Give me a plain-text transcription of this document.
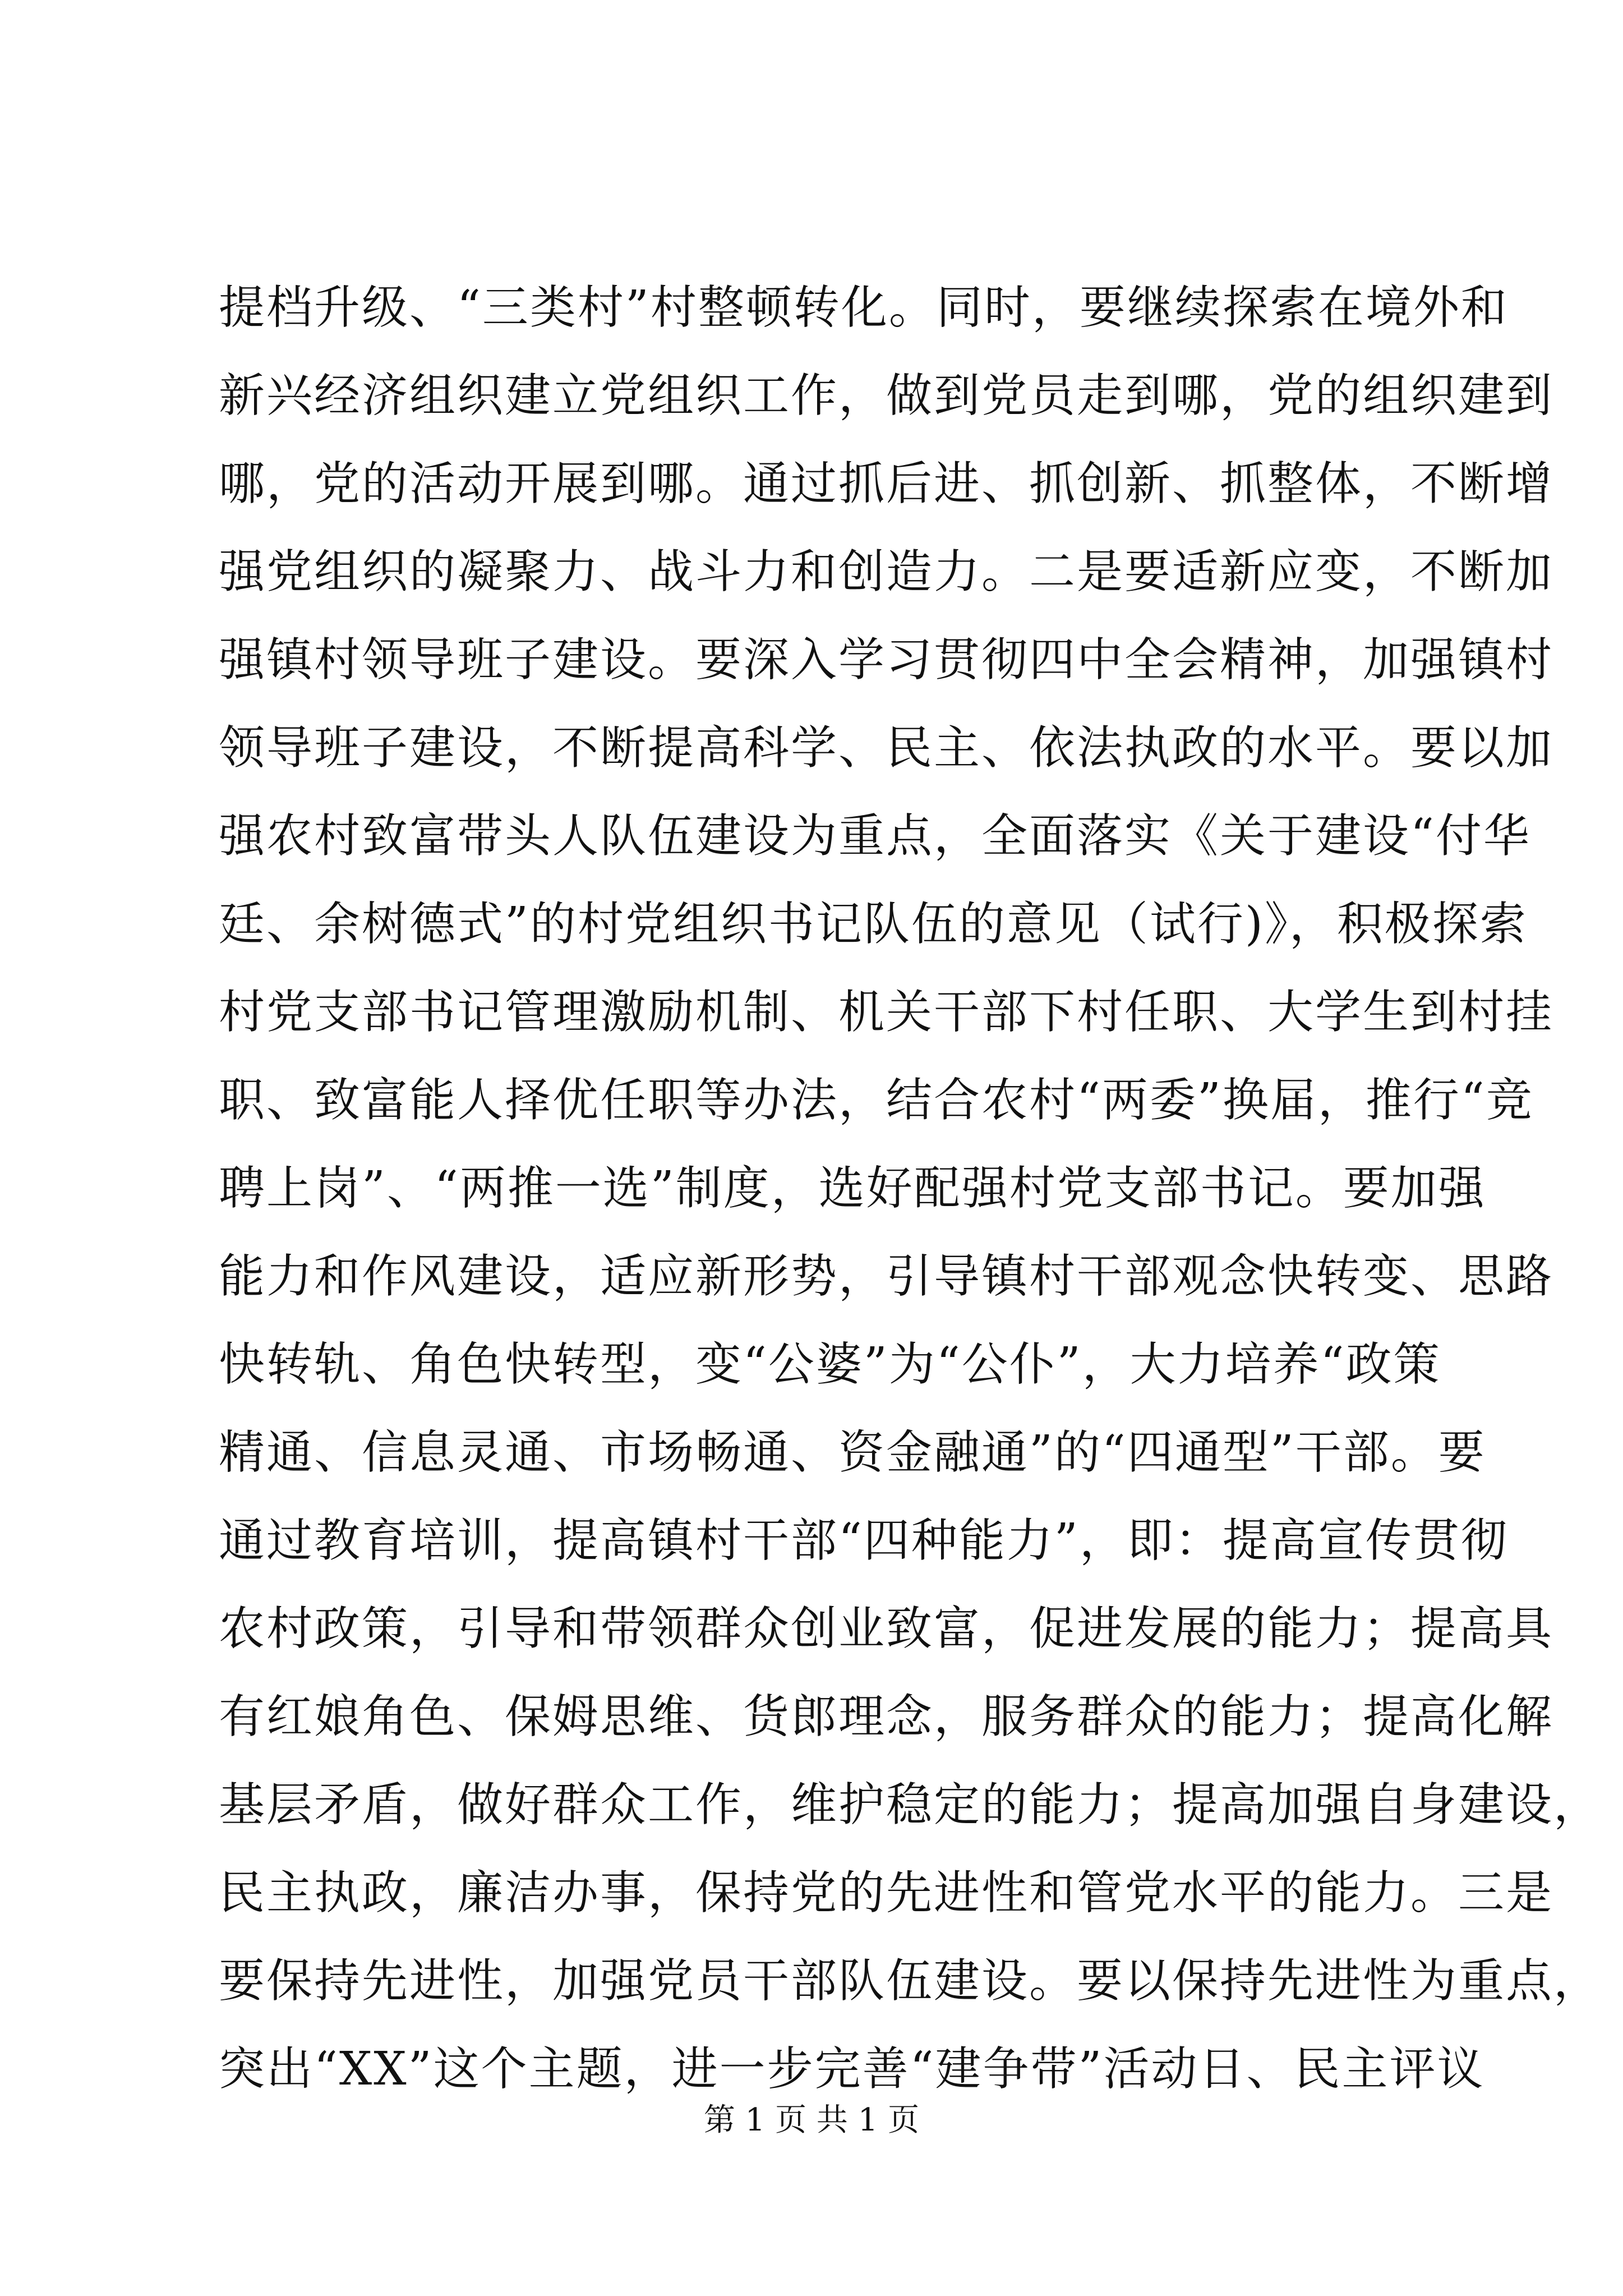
提档升级、“三类村”村整顿转化。同时，要继续探索在境外和
新兴经济组织建立党组织工作，做到党员走到哪，党的组织建到
哪，党的活动开展到哪。通过抓后进、抓创新、抓整体，不断增
强党组织的凝聚力、战斗力和创造力。二是要适新应变，不断加
强镇村领导班子建设。要深入学习贯彻四中全会精神，加强镇村
领导班子建设，不断提高科学、民主、依法执政的水平。要以加
强农村致富带头人队伍建设为重点，全面落实《关于建设“付华
廷、余树德式”的村党组织书记队伍的意见（试行)》，积极探索
村党支部书记管理激励机制、机关干部下村任职、大学生到村挂
职、致富能人择优任职等办法，结合农村“两委”换届，推行“竞
聘上岗”、“两推一选”制度，选好配强村党支部书记。要加强
能力和作风建设，适应新形势，引导镇村干部观念快转变、思路
快转轨、角色快转型，变“公婆”为“公仆”，大力培养“政策
精通、信息灵通、市场畅通、资金融通”的“四通型”干部。要
通过教育培训，提高镇村干部“四种能力”，即：提高宣传贯彻
农村政策，引导和带领群众创业致富，促进发展的能力；提高具
有红娘角色、保姆思维、货郎理念，服务群众的能力；提高化解
基层矛盾，做好群众工作，维护稳定的能力；提高加强自身建设，
民主执政，廉洁办事，保持党的先进性和管党水平的能力。三是
要保持先进性，加强党员干部队伍建设。要以保持先进性为重点，
突出“XX”这个主题，进一步完善“建争带”活动日、民主评议
第 1 页 共 1 页
